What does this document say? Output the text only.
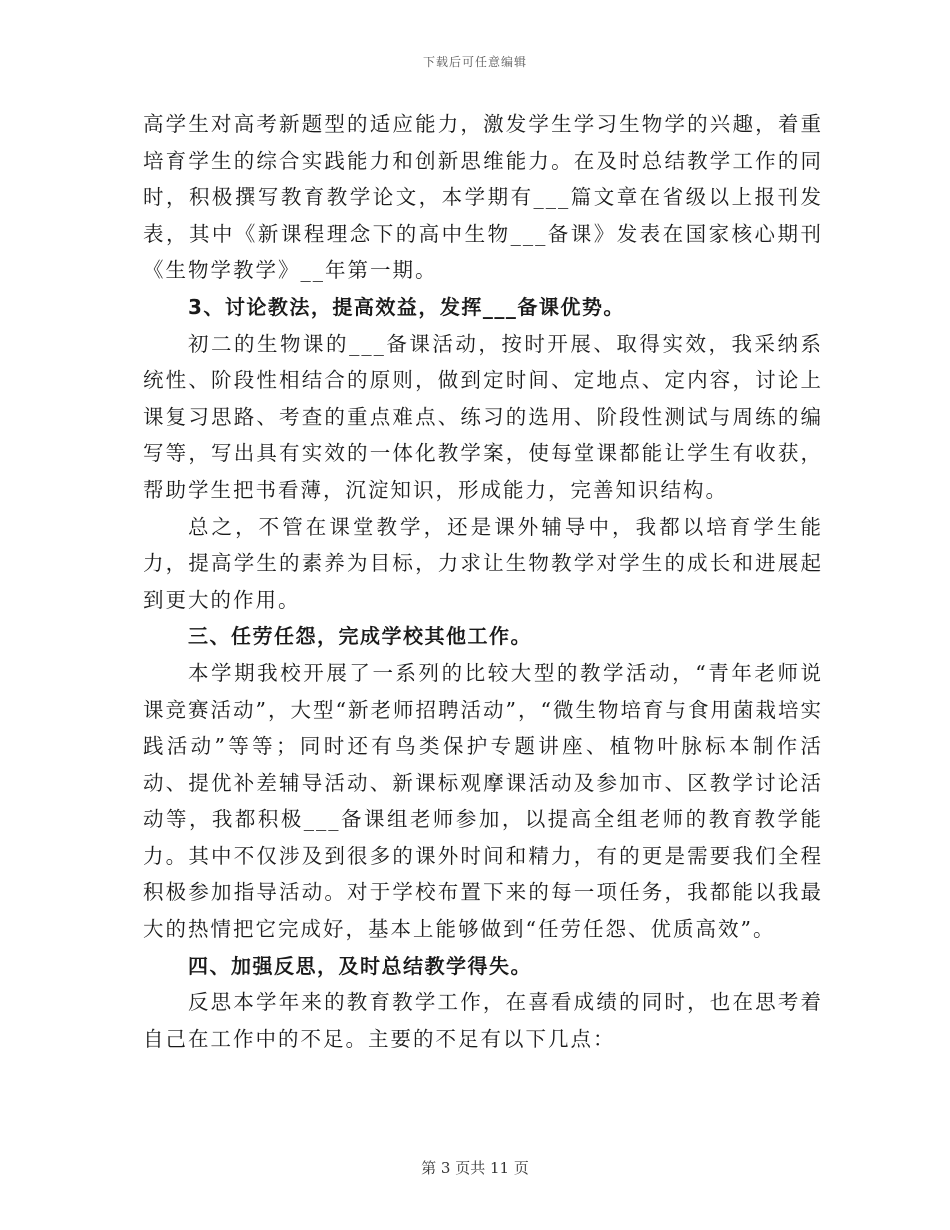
下载后可任意编辑

高学生对高考新题型的适应能力，激发学生学习生物学的兴趣，着重培育学生的综合实践能力和创新思维能力。在及时总结教学工作的同时，积极撰写教育教学论文，本学期有___篇文章在省级以上报刊发表，其中《新课程理念下的高中生物___备课》发表在国家核心期刊《生物学教学》__年第一期。

3、讨论教法，提高效益，发挥___备课优势。

初二的生物课的___备课活动，按时开展、取得实效，我采纳系统性、阶段性相结合的原则，做到定时间、定地点、定内容，讨论上课复习思路、考查的重点难点、练习的选用、阶段性测试与周练的编写等，写出具有实效的一体化教学案，使每堂课都能让学生有收获，帮助学生把书看薄，沉淀知识，形成能力，完善知识结构。

总之，不管在课堂教学，还是课外辅导中，我都以培育学生能力，提高学生的素养为目标，力求让生物教学对学生的成长和进展起到更大的作用。

三、任劳任怨，完成学校其他工作。

本学期我校开展了一系列的比较大型的教学活动，“青年老师说课竞赛活动”，大型“新老师招聘活动”，“微生物培育与食用菌栽培实践活动”等等；同时还有鸟类保护专题讲座、植物叶脉标本制作活动、提优补差辅导活动、新课标观摩课活动及参加市、区教学讨论活动等，我都积极___备课组老师参加，以提高全组老师的教育教学能力。其中不仅涉及到很多的课外时间和精力，有的更是需要我们全程积极参加指导活动。对于学校布置下来的每一项任务，我都能以我最大的热情把它完成好，基本上能够做到“任劳任怨、优质高效”。

四、加强反思，及时总结教学得失。

反思本学年来的教育教学工作，在喜看成绩的同时，也在思考着自己在工作中的不足。主要的不足有以下几点：

第 3 页共 11 页
